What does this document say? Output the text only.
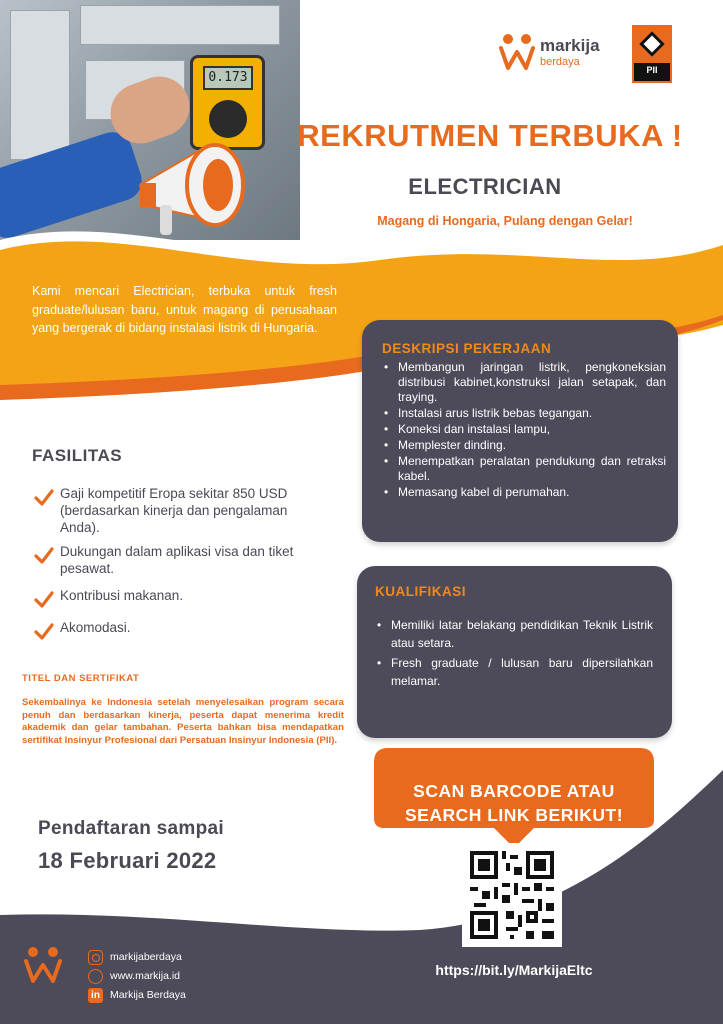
0.173
markija
berdaya
PII
REKRUTMEN TERBUKA !
ELECTRICIAN
Magang di Hongaria, Pulang dengan Gelar!
Kami mencari Electrician, terbuka untuk fresh graduate/lulusan baru, untuk magang di perusahaan yang bergerak di bidang instalasi listrik di Hungaria.
DESKRIPSI PEKERJAAN
• Membangun jaringan listrik, pengkoneksian distribusi kabinet,konstruksi jalan setapak, dan traying.
• Instalasi arus listrik bebas tegangan.
• Koneksi dan instalasi lampu,
• Memplester dinding.
• Menempatkan peralatan pendukung dan retraksi kabel.
• Memasang kabel di perumahan.
FASILITAS
Gaji kompetitif Eropa sekitar 850 USD (berdasarkan kinerja dan pengalaman Anda).
Dukungan dalam aplikasi visa dan tiket pesawat.
Kontribusi makanan.
Akomodasi.
KUALIFIKASI
• Memiliki latar belakang pendidikan Teknik Listrik atau setara.
• Fresh graduate / lulusan baru dipersilahkan melamar.
TITEL DAN SERTIFIKAT
Sekembalinya ke Indonesia setelah menyelesaikan program secara penuh dan berdasarkan kinerja, peserta dapat menerima kredit akademik dan gelar tambahan. Peserta bahkan bisa mendapatkan sertifikat Insinyur Profesional dari Persatuan Insinyur Indonesia (PII).
Pendaftaran sampai
18 Februari 2022
SCAN BARCODE ATAU
SEARCH LINK BERIKUT!
https://bit.ly/MarkijaEltc
markijaberdaya
www.markija.id
in Markija Berdaya
